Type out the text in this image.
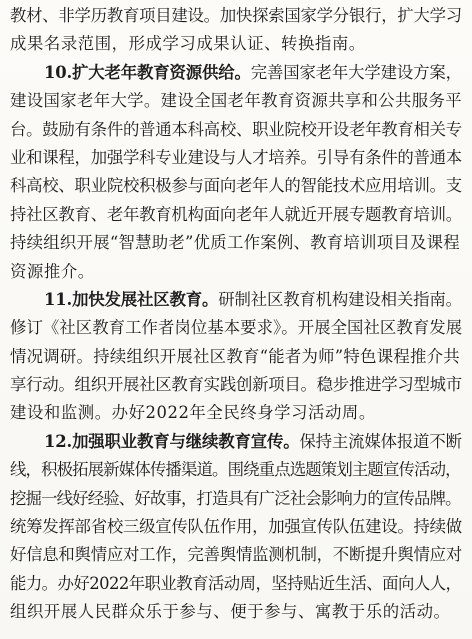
教材、非学历教育项目建设。加快探索国家学分银行，扩大学习
成果名录范围，形成学习成果认证、转换指南。
10.扩大老年教育资源供给。完善国家老年大学建设方案，
建设国家老年大学。建设全国老年教育资源共享和公共服务平
台。鼓励有条件的普通本科高校、职业院校开设老年教育相关专
业和课程，加强学科专业建设与人才培养。引导有条件的普通本
科高校、职业院校积极参与面向老年人的智能技术应用培训。支
持社区教育、老年教育机构面向老年人就近开展专题教育培训。
持续组织开展“智慧助老”优质工作案例、教育培训项目及课程
资源推介。
11.加快发展社区教育。研制社区教育机构建设相关指南。
修订《社区教育工作者岗位基本要求》。开展全国社区教育发展
情况调研。持续组织开展社区教育“能者为师”特色课程推介共
享行动。组织开展社区教育实践创新项目。稳步推进学习型城市
建设和监测。办好2022年全民终身学习活动周。
12.加强职业教育与继续教育宣传。保持主流媒体报道不断
线，积极拓展新媒体传播渠道。围绕重点选题策划主题宣传活动，
挖掘一线好经验、好故事，打造具有广泛社会影响力的宣传品牌。
统筹发挥部省校三级宣传队伍作用，加强宣传队伍建设。持续做
好信息和舆情应对工作，完善舆情监测机制，不断提升舆情应对
能力。办好2022年职业教育活动周，坚持贴近生活、面向人人，
组织开展人民群众乐于参与、便于参与、寓教于乐的活动。
